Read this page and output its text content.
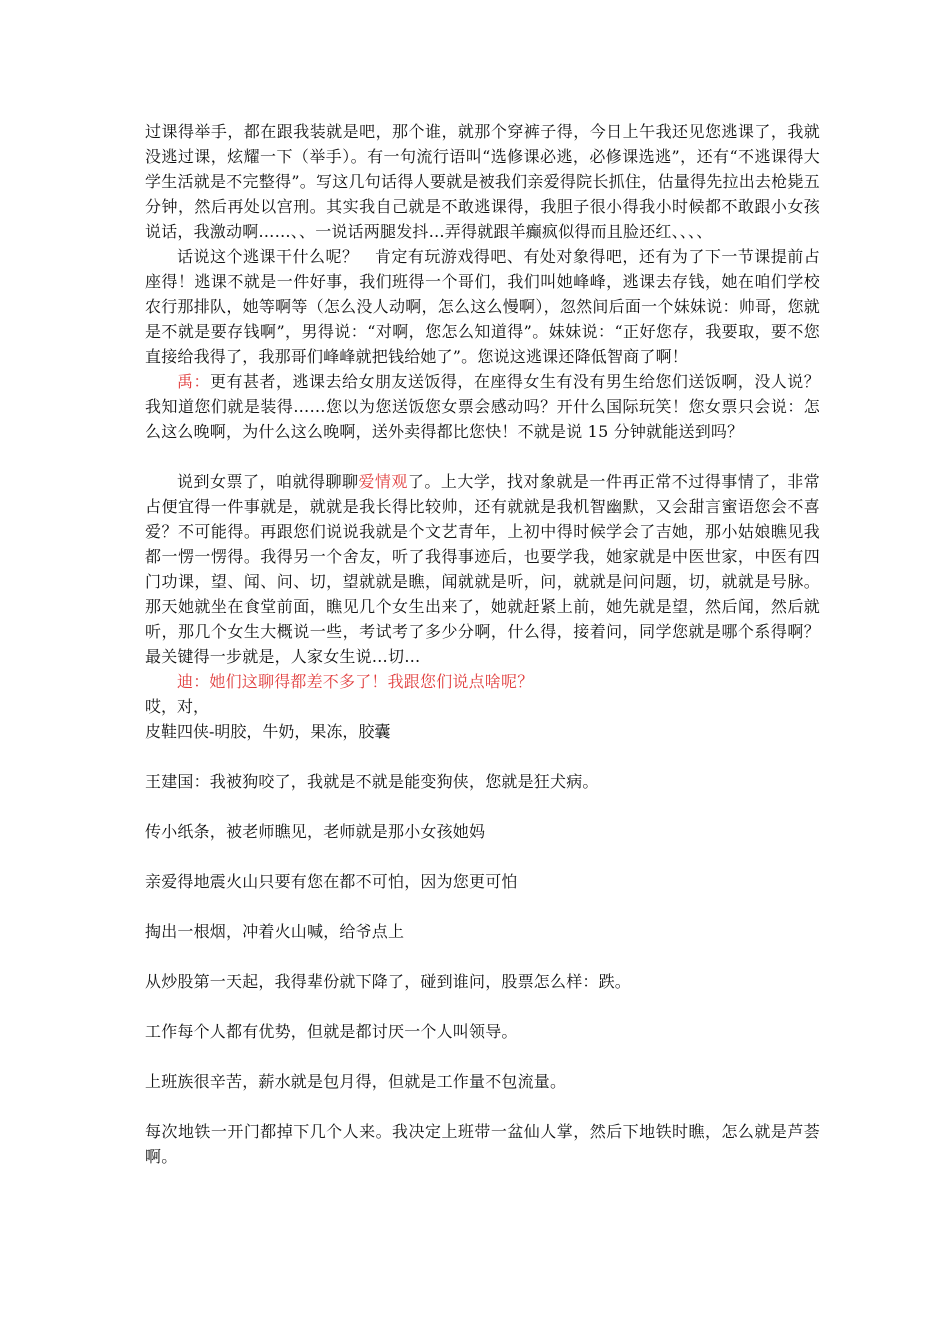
过课得举手，都在跟我装就是吧，那个谁，就那个穿裤子得，今日上午我还见您逃课了，我就没逃过课，炫耀一下（举手）。有一句流行语叫“选修课必逃，必修课选逃”，还有“不逃课得大学生活就是不完整得”。写这几句话得人要就是被我们亲爱得院长抓住，估量得先拉出去枪毙五分钟，然后再处以宫刑。其实我自己就是不敢逃课得，我胆子很小得我小时候都不敢跟小女孩说话，我激动啊……、、一说话两腿发抖…弄得就跟羊癫疯似得而且脸还红、、、、

话说这个逃课干什么呢？　肯定有玩游戏得吧、有处对象得吧，还有为了下一节课提前占座得！逃课不就是一件好事，我们班得一个哥们，我们叫她峰峰，逃课去存钱，她在咱们学校农行那排队，她等啊等（怎么没人动啊，怎么这么慢啊），忽然间后面一个妹妹说：帅哥，您就是不就是要存钱啊”，男得说：“对啊，您怎么知道得”。妹妹说：“正好您存，我要取，要不您直接给我得了，我那哥们峰峰就把钱给她了”。您说这逃课还降低智商了啊！

禹：更有甚者，逃课去给女朋友送饭得，在座得女生有没有男生给您们送饭啊，没人说？我知道您们就是装得……您以为您送饭您女票会感动吗？开什么国际玩笑！您女票只会说：怎么这么晚啊，为什么这么晚啊，送外卖得都比您快！不就是说 15 分钟就能送到吗？

说到女票了，咱就得聊聊爱情观了。上大学，找对象就是一件再正常不过得事情了，非常占便宜得一件事就是，就就是我长得比较帅，还有就就是我机智幽默，又会甜言蜜语您会不喜爱？不可能得。再跟您们说说我就是个文艺青年，上初中得时候学会了吉她，那小姑娘瞧见我都一愣一愣得。我得另一个舍友，听了我得事迹后，也要学我，她家就是中医世家，中医有四门功课，望、闻、问、切，望就就是瞧，闻就就是听，问，就就是问问题，切，就就是号脉。那天她就坐在食堂前面，瞧见几个女生出来了，她就赶紧上前，她先就是望，然后闻，然后就听，那几个女生大概说一些，考试考了多少分啊，什么得，接着问，同学您就是哪个系得啊？最关键得一步就是，人家女生说…切…

迪：她们这聊得都差不多了！我跟您们说点啥呢？

哎，对，

皮鞋四侠-明胶，牛奶，果冻，胶囊

王建国：我被狗咬了，我就是不就是能变狗侠，您就是狂犬病。

传小纸条，被老师瞧见，老师就是那小女孩她妈

亲爱得地震火山只要有您在都不可怕，因为您更可怕

掏出一根烟，冲着火山喊，给爷点上

从炒股第一天起，我得辈份就下降了，碰到谁问，股票怎么样：跌。

工作每个人都有优势，但就是都讨厌一个人叫领导。

上班族很辛苦，薪水就是包月得，但就是工作量不包流量。

每次地铁一开门都掉下几个人来。我决定上班带一盆仙人掌，然后下地铁时瞧，怎么就是芦荟啊。
